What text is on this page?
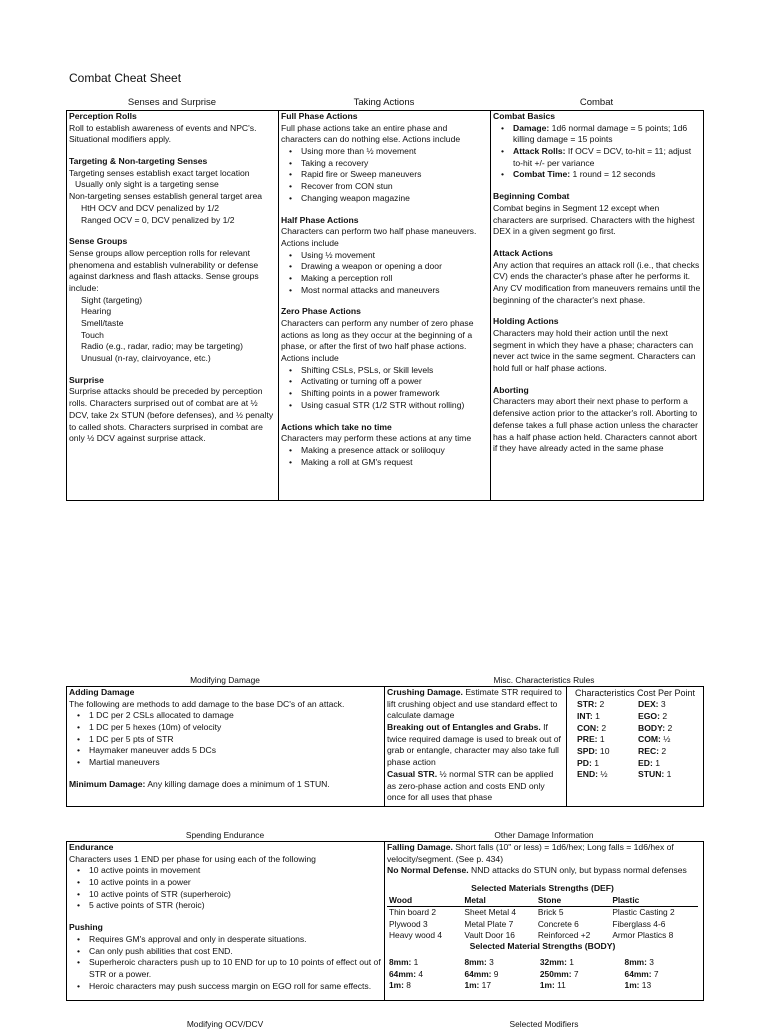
Combat Cheat Sheet
Senses and Surprise	Taking Actions	Combat

Perception Rolls

Roll to establish awareness of events and NPC's. Situational modifiers apply.

Targeting & Non-targeting Senses

Targeting senses establish exact target location

Usually only sight is a targeting sense

Non-targeting senses establish general target area

HtH OCV and DCV penalized by 1/2

Ranged OCV = 0, DCV penalized by 1/2

Sense Groups

Sense groups allow perception rolls for relevant phenomena and establish vulnerability or defense against darkness and flash attacks. Sense groups include:

Sight (targeting)

Hearing

Smell/taste

Touch

Radio (e.g., radar, radio; may be targeting)

Unusual (n-ray, clairvoyance, etc.)

Surprise

Surprise attacks should be preceded by perception rolls. Characters surprised out of combat are at ½ DCV, take 2x STUN (before defenses), and ½ penalty to called shots. Characters surprised in combat are only ½ DCV against surprise attack.

Full Phase Actions

Full phase actions take an entire phase and characters can do nothing else. Actions include

• Using more than ½ movement
• Taking a recovery
• Rapid fire or Sweep maneuvers
• Recover from CON stun
• Changing weapon magazine

Half Phase Actions

Characters can perform two half phase maneuvers. Actions include

• Using ½ movement
• Drawing a weapon or opening a door
• Making a perception roll
• Most normal attacks and maneuvers

Zero Phase Actions

Characters can perform any number of zero phase actions as long as they occur at the beginning of a phase, or after the first of two half phase actions. Actions include

• Shifting CSLs, PSLs, or Skill levels
• Activating or turning off a power
• Shifting points in a power framework
• Using casual STR (1/2 STR without rolling)

Actions which take no time

Characters may perform these actions at any time

• Making a presence attack or soliloquy
• Making a roll at GM's request

Combat Basics

• Damage: 1d6 normal damage = 5 points; 1d6 killing damage = 15 points
• Attack Rolls: If OCV = DCV, to-hit = 11; adjust to-hit +/- per variance
• Combat Time: 1 round = 12 seconds

Beginning Combat

Combat begins in Segment 12 except when characters are surprised. Characters with the highest DEX in a given segment go first.

Attack Actions

Any action that requires an attack roll (i.e., that checks CV) ends the character's phase after he performs it. Any CV modification from maneuvers remains until the beginning of the character's next phase.

Holding Actions

Characters may hold their action until the next segment in which they have a phase; characters can never act twice in the same segment. Characters can hold full or half phase actions.

Aborting

Characters may abort their next phase to perform a defensive action prior to the attacker's roll. Aborting to defense takes a full phase action unless the character has a half phase action held. Characters cannot abort if they have already acted in the same phase

Modifying Damage	Misc. Characteristics Rules

Adding Damage

The following are methods to add damage to the base DC's of an attack.

• 1 DC per 2 CSLs allocated to damage
• 1 DC per 5 hexes (10m) of velocity
• 1 DC per 5 pts of STR
• Haymaker maneuver adds 5 DCs
• Martial maneuvers

Minimum Damage: Any killing damage does a minimum of 1 STUN.

Crushing Damage. Estimate STR required to lift crushing object and use standard effect to calculate damage

Breaking out of Entangles and Grabs. If twice required damage is used to break out of grab or entangle, character may also take full phase action

Casual STR. ½ normal STR can be applied as zero-phase action and costs END only once for all uses that phase

Characteristics Cost Per Point

STR: 2	DEX: 3
INT: 1	EGO: 2
CON: 2	BODY: 2
PRE: 1	COM: ½
SPD: 10	REC: 2
PD: 1	ED: 1
END: ½	STUN: 1
Spending Endurance	Other Damage Information

Endurance

Characters uses 1 END per phase for using each of the following

• 10 active points in movement
• 10 active points in a power
• 10 active points of STR (superheroic)
• 5 active points of STR (heroic)

Pushing

• Requires GM's approval and only in desperate situations.
• Can only push abilities that cost END.
• Superheroic characters push up to 10 END for up to 10 points of effect out of STR or a power.
• Heroic characters may push success margin on EGO roll for same effects.

Falling Damage. Short falls (10" or less) = 1d6/hex; Long falls = 1d6/hex of velocity/segment. (See p. 434)

No Normal Defense. NND attacks do STUN only, but bypass normal defenses

Selected Materials Strengths (DEF)

Wood	Metal	Stone	Plastic
Thin board 2	Sheet Metal 4	Brick 5	Plastic Casting 2
Plywood 3	Metal Plate 7	Concrete 6	Fiberglass 4-6
Heavy wood 4	Vault Door 16	Reinforced +2	Armor Plastics 8

Selected Material Strengths (BODY)

8mm: 1	8mm: 3	32mm: 1	8mm: 3
64mm: 4	64mm: 9	250mm: 7	64mm: 7
1m: 8	1m: 17	1m: 11	1m: 13
Modifying OCV/DCV	Selected Modifiers
